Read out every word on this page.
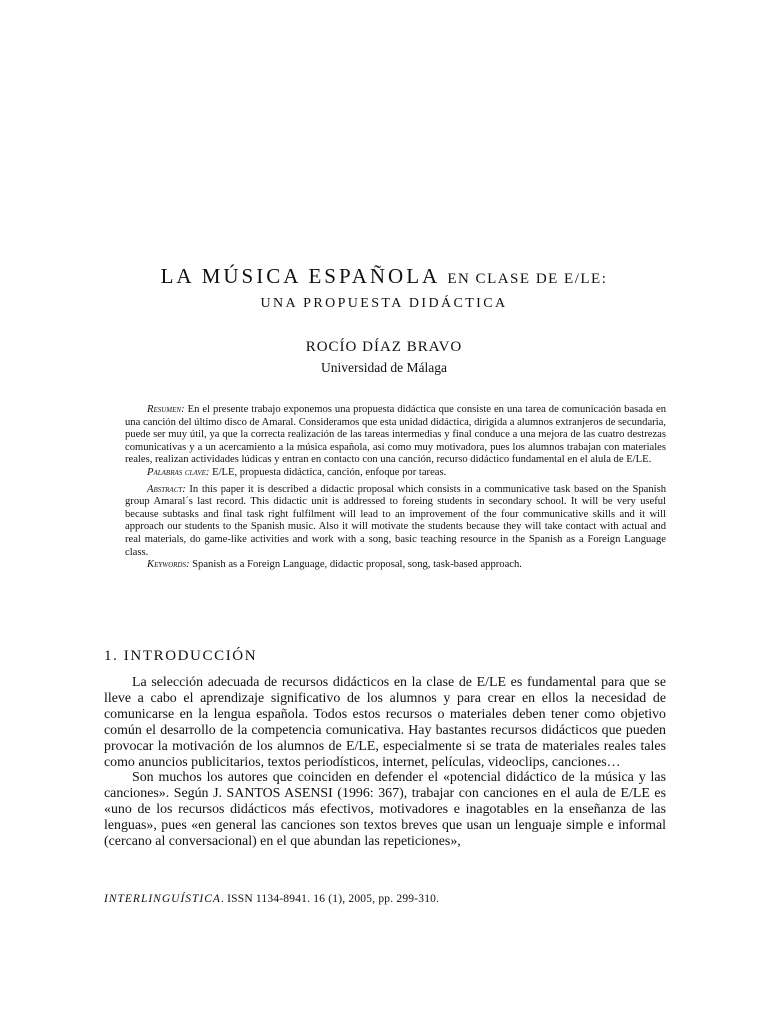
LA MÚSICA ESPAÑOLA EN CLASE DE E/LE:
UNA PROPUESTA DIDÁCTICA
ROCÍO DÍAZ BRAVO
Universidad de Málaga

Resumen: En el presente trabajo exponemos una propuesta didáctica que consiste en una tarea de comunicación basada en una canción del último disco de Amaral. Consideramos que esta unidad didáctica, dirigida a alumnos extranjeros de secundaria, puede ser muy útil, ya que la correcta realización de las tareas intermedias y final conduce a una mejora de las cuatro destrezas comunicativas y a un acercamiento a la música española, así como muy motivadora, pues los alumnos trabajan con materiales reales, realizan actividades lúdicas y entran en contacto con una canción, recurso didáctico fundamental en el alula de E/LE.

Palabras clave: E/LE, propuesta didáctica, canción, enfoque por tareas.

Abstract: In this paper it is described a didactic proposal which consists in a communicative task based on the Spanish group Amaral´s last record. This didactic unit is addressed to foreing students in secondary school. It will be very useful because subtasks and final task right fulfilment will lead to an improvement of the four communicative skills and it will approach our students to the Spanish music. Also it will motivate the students because they will take contact with actual and real materials, do game-like activities and work with a song, basic teaching resource in the Spanish as a Foreign Language class.

Keywords: Spanish as a Foreign Language, didactic proposal, song, task-based approach.

1. INTRODUCCIÓN

La selección adecuada de recursos didácticos en la clase de E/LE es fundamental para que se lleve a cabo el aprendizaje significativo de los alumnos y para crear en ellos la necesidad de comunicarse en la lengua española. Todos estos recursos o materiales deben tener como objetivo común el desarrollo de la competencia comunicativa. Hay bastantes recursos didácticos que pueden provocar la motivación de los alumnos de E/LE, especialmente si se trata de materiales reales tales como anuncios publicitarios, textos periodísticos, internet, películas, videoclips, canciones…

Son muchos los autores que coinciden en defender el «potencial didáctico de la música y las canciones». Según J. SANTOS ASENSI (1996: 367), trabajar con canciones en el aula de E/LE es «uno de los recursos didácticos más efectivos, motivadores e inagotables en la enseñanza de las lenguas», pues «en general las canciones son textos breves que usan un lenguaje simple e informal (cercano al conversacional) en el que abundan las repeticiones»,

INTERLINGUÍSTICA. ISSN 1134-8941. 16 (1), 2005, pp. 299-310.
